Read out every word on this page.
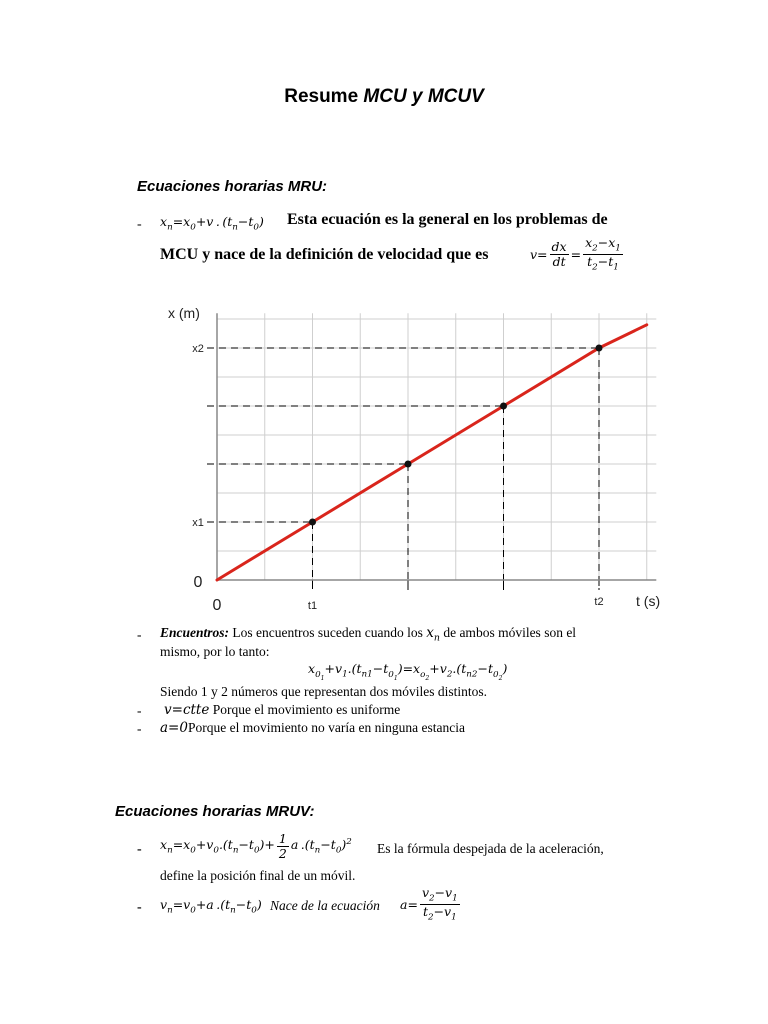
Resume MCU y MCUV
Ecuaciones horarias MRU:
- $x_n=x_0+v$ . $(t_n-t_0)$ Esta ecuación es la general en los problemas de
MCU y nace de la definición de velocidad que es	$v= \frac{dx}{dt} = \frac{x_2-x_1}{t_2-t_1}$
x (m)
t (s)
0
0
x1
x2
t1	t2
- Encuentros: Los encuentros suceden cuando los $x_n$ de ambos móviles son el
mismo, por lo tanto:
$x_{0_1}+v_1.(t_{n1}-t_{0_1})=x_{o_2}+v_2.(t_{n2}-t_{0_2})$
Siendo 1 y 2 números que representan dos móviles distintos.
- v=ctte Porque el movimiento es uniforme
- a=0Porque el movimiento no varía en ninguna estancia
Ecuaciones horarias MRUV:
- $x_n=x_0+v_0.(t_n-t_0)+ \frac{1}{2}$ a $.(t_n-t_0)^2$ Es la fórmula despejada de la aceleración,
define la posición final de un móvil.
- $v_n=v_0+a$ $.(t_n-t_0)$ Nace de la ecuación $a= \frac{v_2-v_1}{t_2-v_1}$
